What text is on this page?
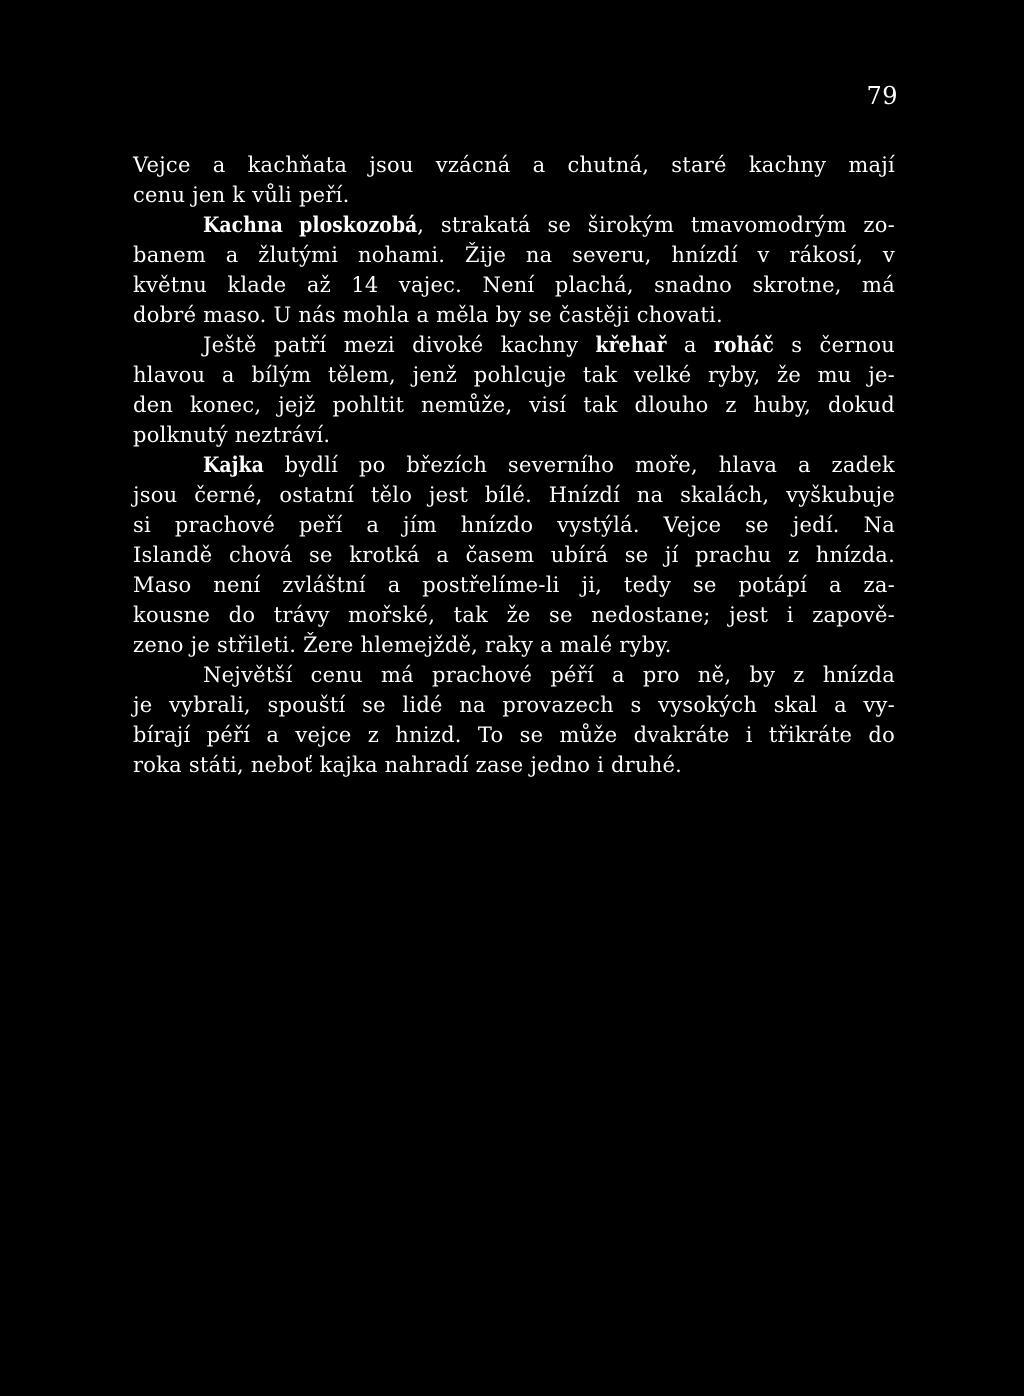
79
Vejce a kachňata jsou vzácná a chutná, staré kachny mají
cenu jen k vůli peří.
Kachna ploskozobá, strakatá se širokým tmavomodrým zo-
banem a žlutými nohami. Žije na severu, hnízdí v rákosí, v
květnu klade až 14 vajec. Není plachá, snadno skrotne, má
dobré maso. U nás mohla a měla by se častěji chovati.
Ještě patří mezi divoké kachny křehař a roháč s černou
hlavou a bílým tělem, jenž pohlcuje tak velké ryby, že mu je-
den konec, jejž pohltit nemůže, visí tak dlouho z huby, dokud
polknutý neztráví.
Kajka bydlí po březích severního moře, hlava a zadek
jsou černé, ostatní tělo jest bílé. Hnízdí na skalách, vyškubuje
si prachové peří a jím hnízdo vystýlá. Vejce se jedí. Na
Islandě chová se krotká a časem ubírá se jí prachu z hnízda.
Maso není zvláštní a postřelíme-li ji, tedy se potápí a za-
kousne do trávy mořské, tak že se nedostane; jest i zapově-
zeno je střileti. Žere hlemejždě, raky a malé ryby.
Největší cenu má prachové péří a pro ně, by z hnízda
je vybrali, spouští se lidé na provazech s vysokých skal a vy-
bírají péří a vejce z hnizd. To se může dvakráte i třikráte do
roka státi, neboť kajka nahradí zase jedno i druhé.
